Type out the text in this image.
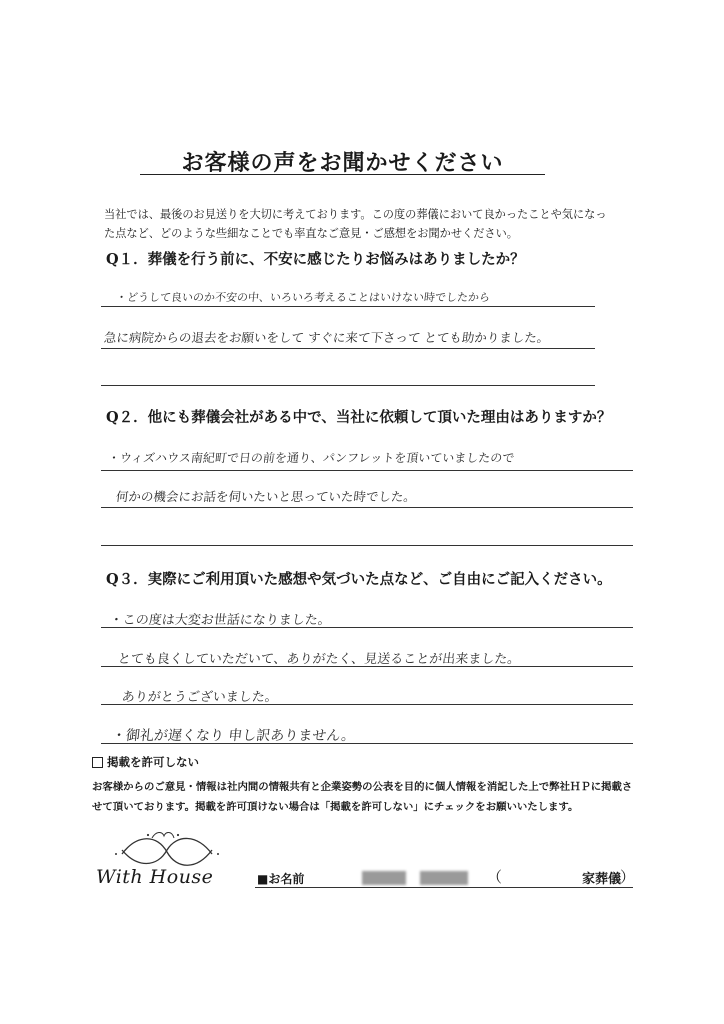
お客様の声をお聞かせください
当社では、最後のお見送りを大切に考えております。この度の葬儀において良かったことや気になった点など、どのような些細なことでも率直なご意見・ご感想をお聞かせください。
Q１．葬儀を行う前に、不安に感じたりお悩みはありましたか？
・どうして良いのか不安の中、いろいろ考えることはいけない時でしたから
急に病院からの退去をお願いをして すぐに来て下さって とても助かりました。
Q２．他にも葬儀会社がある中で、当社に依頼して頂いた理由はありますか？
・ウィズハウス南紀町で日の前を通り、パンフレットを頂いていましたので
何かの機会にお話を伺いたいと思っていた時でした。
Q３．実際にご利用頂いた感想や気づいた点など、ご自由にご記入ください。
・この度は大変お世話になりました。
とても良くしていただいて、ありがたく、見送ることが出来ました。
ありがとうございました。
・御礼が遅くなり 申し訳ありません。
掲載を許可しない
お客様からのご意見・情報は社内間の情報共有と企業姿勢の公表を目的に個人情報を消記した上で弊社ＨＰに掲載させて頂いております。掲載を許可頂けない場合は「掲載を許可しない」にチェックをお願いいたします。
With House	■お名前	（	家葬儀
）
